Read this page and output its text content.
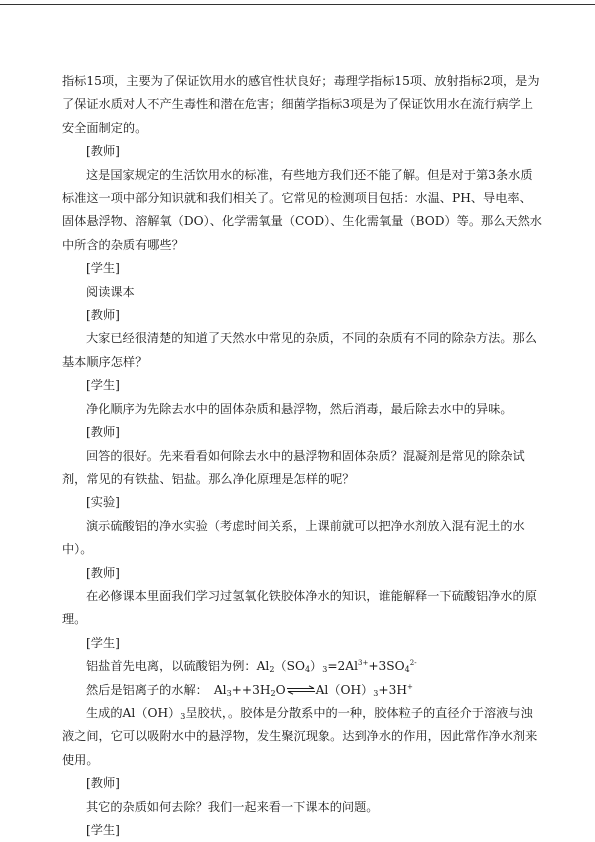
指标15项，主要为了保证饮用水的感官性状良好；毒理学指标15项、放射指标2项，是为了保证水质对人不产生毒性和潜在危害；细菌学指标3项是为了保证饮用水在流行病学上安全面制定的。

[教师]

这是国家规定的生活饮用水的标准，有些地方我们还不能了解。但是对于第3条水质标准这一项中部分知识就和我们相关了。它常见的检测项目包括：水温、PH、导电率、固体悬浮物、溶解氧（DO）、化学需氧量（COD）、生化需氧量（BOD）等。那么天然水中所含的杂质有哪些？

[学生]

阅读课本

[教师]

大家已经很清楚的知道了天然水中常见的杂质，不同的杂质有不同的除杂方法。那么基本顺序怎样？

[学生]

净化顺序为先除去水中的固体杂质和悬浮物，然后消毒，最后除去水中的异味。

[教师]

回答的很好。先来看看如何除去水中的悬浮物和固体杂质？混凝剂是常见的除杂试剂，常见的有铁盐、铝盐。那么净化原理是怎样的呢？

[实验]

演示硫酸铝的净水实验（考虑时间关系，上课前就可以把净水剂放入混有泥土的水中）。

[教师]

在必修课本里面我们学习过氢氧化铁胶体净水的知识，谁能解释一下硫酸铝净水的原理。

[学生]

铝盐首先电离，以硫酸铝为例：$Al_2(SO_4)_3=2Al^{3+}+3SO_4^{2-}$

然后是铝离子的水解： $Al_3++3H_2O\rightleftharpoons Al(OH)_3+3H^+$

生成的$Al(OH)_3$呈胶状，。胶体是分散系中的一种，胶体粒子的直径介于溶液与浊液之间，它可以吸附水中的悬浮物，发生聚沉现象。达到净水的作用，因此常作净水剂来使用。

[教师]

其它的杂质如何去除？我们一起来看一下课本的问题。

[学生]
